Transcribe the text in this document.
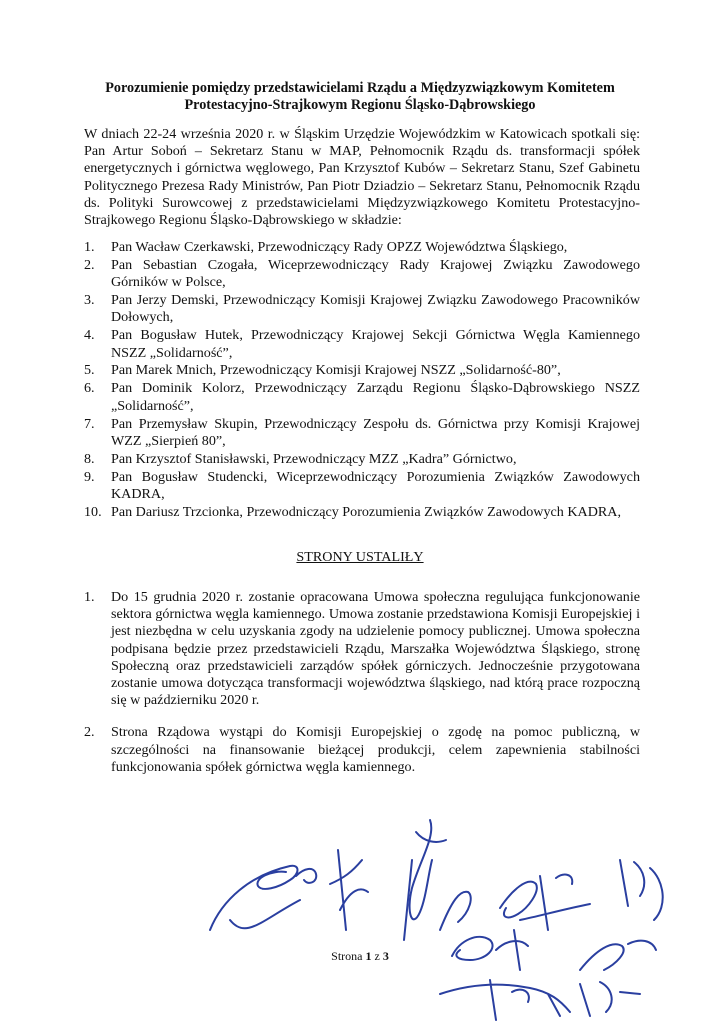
Porozumienie pomiędzy przedstawicielami Rządu a Międzyzwiązkowym Komitetem
Protestacyjno-Strajkowym Regionu Śląsko-Dąbrowskiego

W dniach 22-24 września 2020 r. w Śląskim Urzędzie Wojewódzkim w Katowicach spotkali się: Pan Artur Soboń – Sekretarz Stanu w MAP, Pełnomocnik Rządu ds. transformacji spółek energetycznych i górnictwa węglowego, Pan Krzysztof Kubów – Sekretarz Stanu, Szef Gabinetu Politycznego Prezesa Rady Ministrów, Pan Piotr Dziadzio – Sekretarz Stanu, Pełnomocnik Rządu ds. Polityki Surowcowej z przedstawicielami Międzyzwiązkowego Komitetu Protestacyjno-Strajkowego Regionu Śląsko-Dąbrowskiego w składzie:

1. Pan Wacław Czerkawski, Przewodniczący Rady OPZZ Województwa Śląskiego,
2. Pan Sebastian Czogała, Wiceprzewodniczący Rady Krajowej Związku Zawodowego Górników w Polsce,
3. Pan Jerzy Demski, Przewodniczący Komisji Krajowej Związku Zawodowego Pracowników Dołowych,
4. Pan Bogusław Hutek, Przewodniczący Krajowej Sekcji Górnictwa Węgla Kamiennego NSZZ „Solidarność”,
5. Pan Marek Mnich, Przewodniczący Komisji Krajowej NSZZ „Solidarność-80”,
6. Pan Dominik Kolorz, Przewodniczący Zarządu Regionu Śląsko-Dąbrowskiego NSZZ „Solidarność”,
7. Pan Przemysław Skupin, Przewodniczący Zespołu ds. Górnictwa przy Komisji Krajowej WZZ „Sierpień 80”,
8. Pan Krzysztof Stanisławski, Przewodniczący MZZ „Kadra” Górnictwo,
9. Pan Bogusław Studencki, Wiceprzewodniczący Porozumienia Związków Zawodowych KADRA,
10. Pan Dariusz Trzcionka, Przewodniczący Porozumienia Związków Zawodowych KADRA,
STRONY USTALIŁY
1. Do 15 grudnia 2020 r. zostanie opracowana Umowa społeczna regulująca funkcjonowanie sektora górnictwa węgla kamiennego. Umowa zostanie przedstawiona Komisji Europejskiej i jest niezbędna w celu uzyskania zgody na udzielenie pomocy publicznej. Umowa społeczna podpisana będzie przez przedstawicieli Rządu, Marszałka Województwa Śląskiego, stronę Społeczną oraz przedstawicieli zarządów spółek górniczych. Jednocześnie przygotowana zostanie umowa dotycząca transformacji województwa śląskiego, nad którą prace rozpoczną się w październiku 2020 r.
2. Strona Rządowa wystąpi do Komisji Europejskiej o zgodę na pomoc publiczną, w szczególności na finansowanie bieżącej produkcji, celem zapewnienia stabilności funkcjonowania spółek górnictwa węgla kamiennego.
Strona 1 z 3
